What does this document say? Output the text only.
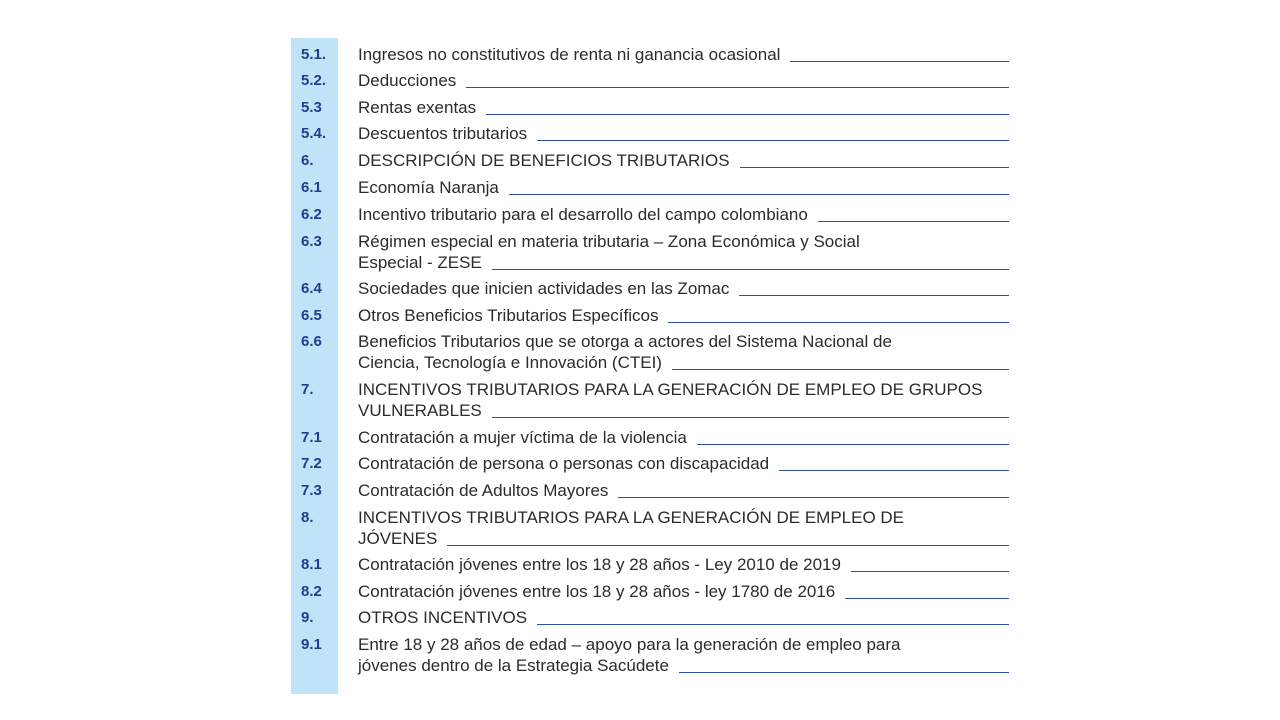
5.1. Ingresos no constitutivos de renta ni ganancia ocasional
5.2. Deducciones
5.3 Rentas exentas
5.4. Descuentos tributarios
6.	DESCRIPCIÓN DE BENEFICIOS TRIBUTARIOS
6.1 Economía Naranja
6.2 Incentivo tributario para el desarrollo del campo colombiano
6.3 Régimen especial en materia tributaria – Zona Económica y Social
Especial - ZESE
6.4 Sociedades que inicien actividades en las Zomac
6.5 Otros Beneficios Tributarios Específicos
6.6 Beneficios Tributarios que se otorga a actores del Sistema Nacional de
Ciencia, Tecnología e Innovación (CTEI)
7.	INCENTIVOS TRIBUTARIOS PARA LA GENERACIÓN DE EMPLEO DE GRUPOS
VULNERABLES
7.1 Contratación a mujer víctima de la violencia
7.2 Contratación de persona o personas con discapacidad
7.3 Contratación de Adultos Mayores
8.	INCENTIVOS TRIBUTARIOS PARA LA GENERACIÓN DE EMPLEO DE
JÓVENES
8.1 Contratación jóvenes entre los 18 y 28 años - Ley 2010 de 2019
8.2 Contratación jóvenes entre los 18 y 28 años - ley 1780 de 2016
9.	OTROS INCENTIVOS
9.1 Entre 18 y 28 años de edad – apoyo para la generación de empleo para
jóvenes dentro de la Estrategia Sacúdete
